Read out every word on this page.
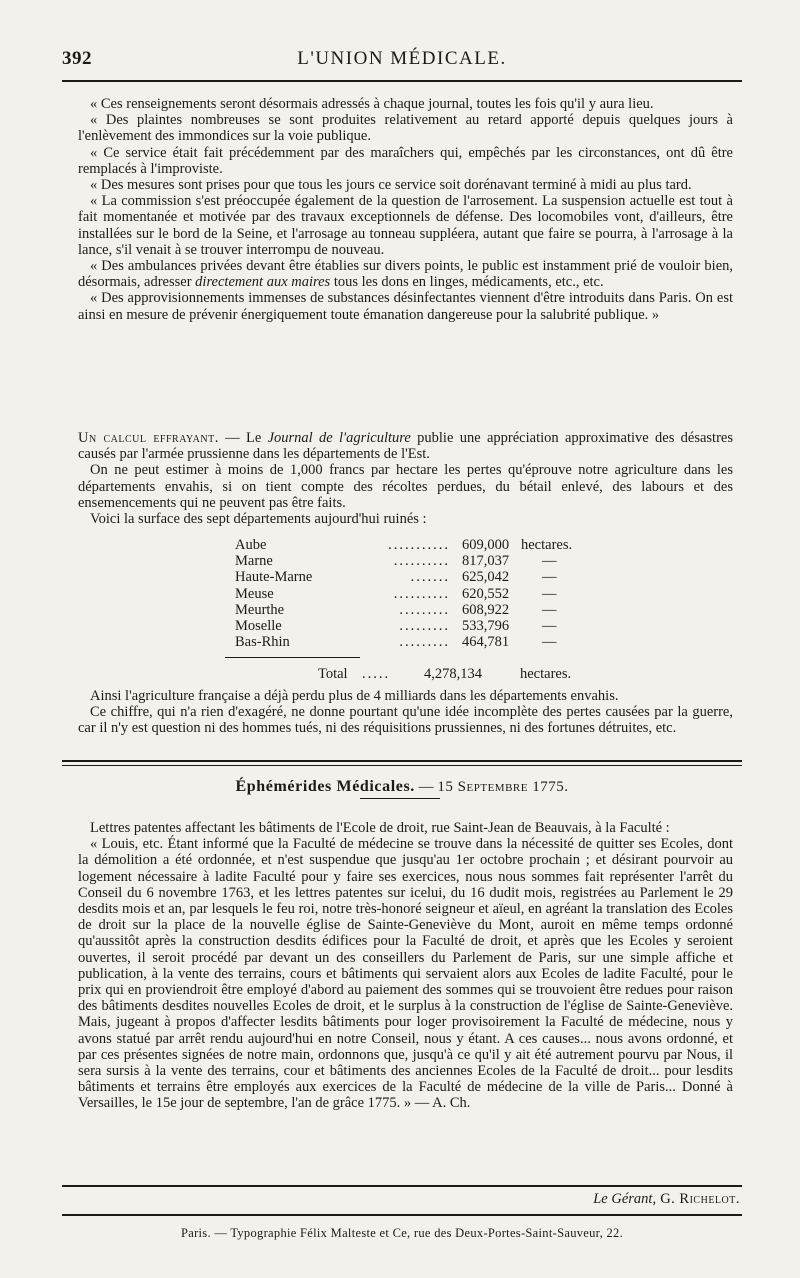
392	L'UNION MÉDICALE.

« Ces renseignements seront désormais adressés à chaque journal, toutes les fois qu'il y aura lieu.

« Des plaintes nombreuses se sont produites relativement au retard apporté depuis quelques jours à l'enlèvement des immondices sur la voie publique.

« Ce service était fait précédemment par des maraîchers qui, empêchés par les circonstances, ont dû être remplacés à l'improviste.

« Des mesures sont prises pour que tous les jours ce service soit dorénavant terminé à midi au plus tard.

« La commission s'est préoccupée également de la question de l'arrosement. La suspension actuelle est tout à fait momentanée et motivée par des travaux exceptionnels de défense. Des locomobiles vont, d'ailleurs, être installées sur le bord de la Seine, et l'arrosage au tonneau suppléera, autant que faire se pourra, à l'arrosage à la lance, s'il venait à se trouver interrompu de nouveau.

« Des ambulances privées devant être établies sur divers points, le public est instamment prié de vouloir bien, désormais, adresser directement aux maires tous les dons en linges, médicaments, etc., etc.

« Des approvisionnements immenses de substances désinfectantes viennent d'être introduits dans Paris. On est ainsi en mesure de prévenir énergiquement toute émanation dangereuse pour la salubrité publique. »

Un calcul effrayant. — Le Journal de l'agriculture publie une appréciation approximative des désastres causés par l'armée prussienne dans les départements de l'Est.

On ne peut estimer à moins de 1,000 francs par hectare les pertes qu'éprouve notre agriculture dans les départements envahis, si on tient compte des récoltes perdues, du bétail enlevé, des labours et des ensemencements qui ne peuvent pas être faits.

Voici la surface des sept départements aujourd'hui ruinés :

Aube	........... 609,000 hectares.
Marne	.......... 817,037 —
Haute-Marne	....... 625,042 —
Meuse	.......... 620,552 —
Meurthe	......... 608,922 —
Moselle	......... 533,796 —
Bas-Rhin	......... 464,781 —
Total ..... 4,278,134	hectares.

Ainsi l'agriculture française a déjà perdu plus de 4 milliards dans les départements envahis.

Ce chiffre, qui n'a rien d'exagéré, ne donne pourtant qu'une idée incomplète des pertes causées par la guerre, car il n'y est question ni des hommes tués, ni des réquisitions prussiennes, ni des fortunes détruites, etc.

Éphémérides Médicales. — 15 Septembre 1775.

Lettres patentes affectant les bâtiments de l'Ecole de droit, rue Saint-Jean de Beauvais, à la Faculté :

« Louis, etc. Étant informé que la Faculté de médecine se trouve dans la nécessité de quitter ses Ecoles, dont la démolition a été ordonnée, et n'est suspendue que jusqu'au 1er octobre prochain ; et désirant pourvoir au logement nécessaire à ladite Faculté pour y faire ses exercices, nous nous sommes fait représenter l'arrêt du Conseil du 6 novembre 1763, et les lettres patentes sur icelui, du 16 dudit mois, registrées au Parlement le 29 desdits mois et an, par lesquels le feu roi, notre très-honoré seigneur et aïeul, en agréant la translation des Ecoles de droit sur la place de la nouvelle église de Sainte-Geneviève du Mont, auroit en même temps ordonné qu'aussitôt après la construction desdits édifices pour la Faculté de droit, et après que les Ecoles y seroient ouvertes, il seroit procédé par devant un des conseillers du Parlement de Paris, sur une simple affiche et publication, à la vente des terrains, cours et bâtiments qui servaient alors aux Ecoles de ladite Faculté, pour le prix qui en proviendroit être employé d'abord au paiement des sommes qui se trouvoient être redues pour raison des bâtiments desdites nouvelles Ecoles de droit, et le surplus à la construction de l'église de Sainte-Geneviève. Mais, jugeant à propos d'affecter lesdits bâtiments pour loger provisoirement la Faculté de médecine, nous y avons statué par arrêt rendu aujourd'hui en notre Conseil, nous y étant. A ces causes... nous avons ordonné, et par ces présentes signées de notre main, ordonnons que, jusqu'à ce qu'il y ait été autrement pourvu par Nous, il sera sursis à la vente des terrains, cour et bâtiments des anciennes Ecoles de la Faculté de droit... pour lesdits bâtiments et terrains être employés aux exercices de la Faculté de médecine de la ville de Paris... Donné à Versailles, le 15e jour de septembre, l'an de grâce 1775. » — A. Ch.

Le Gérant, G. Richelot.
Paris. — Typographie Félix Malteste et Ce, rue des Deux-Portes-Saint-Sauveur, 22.
